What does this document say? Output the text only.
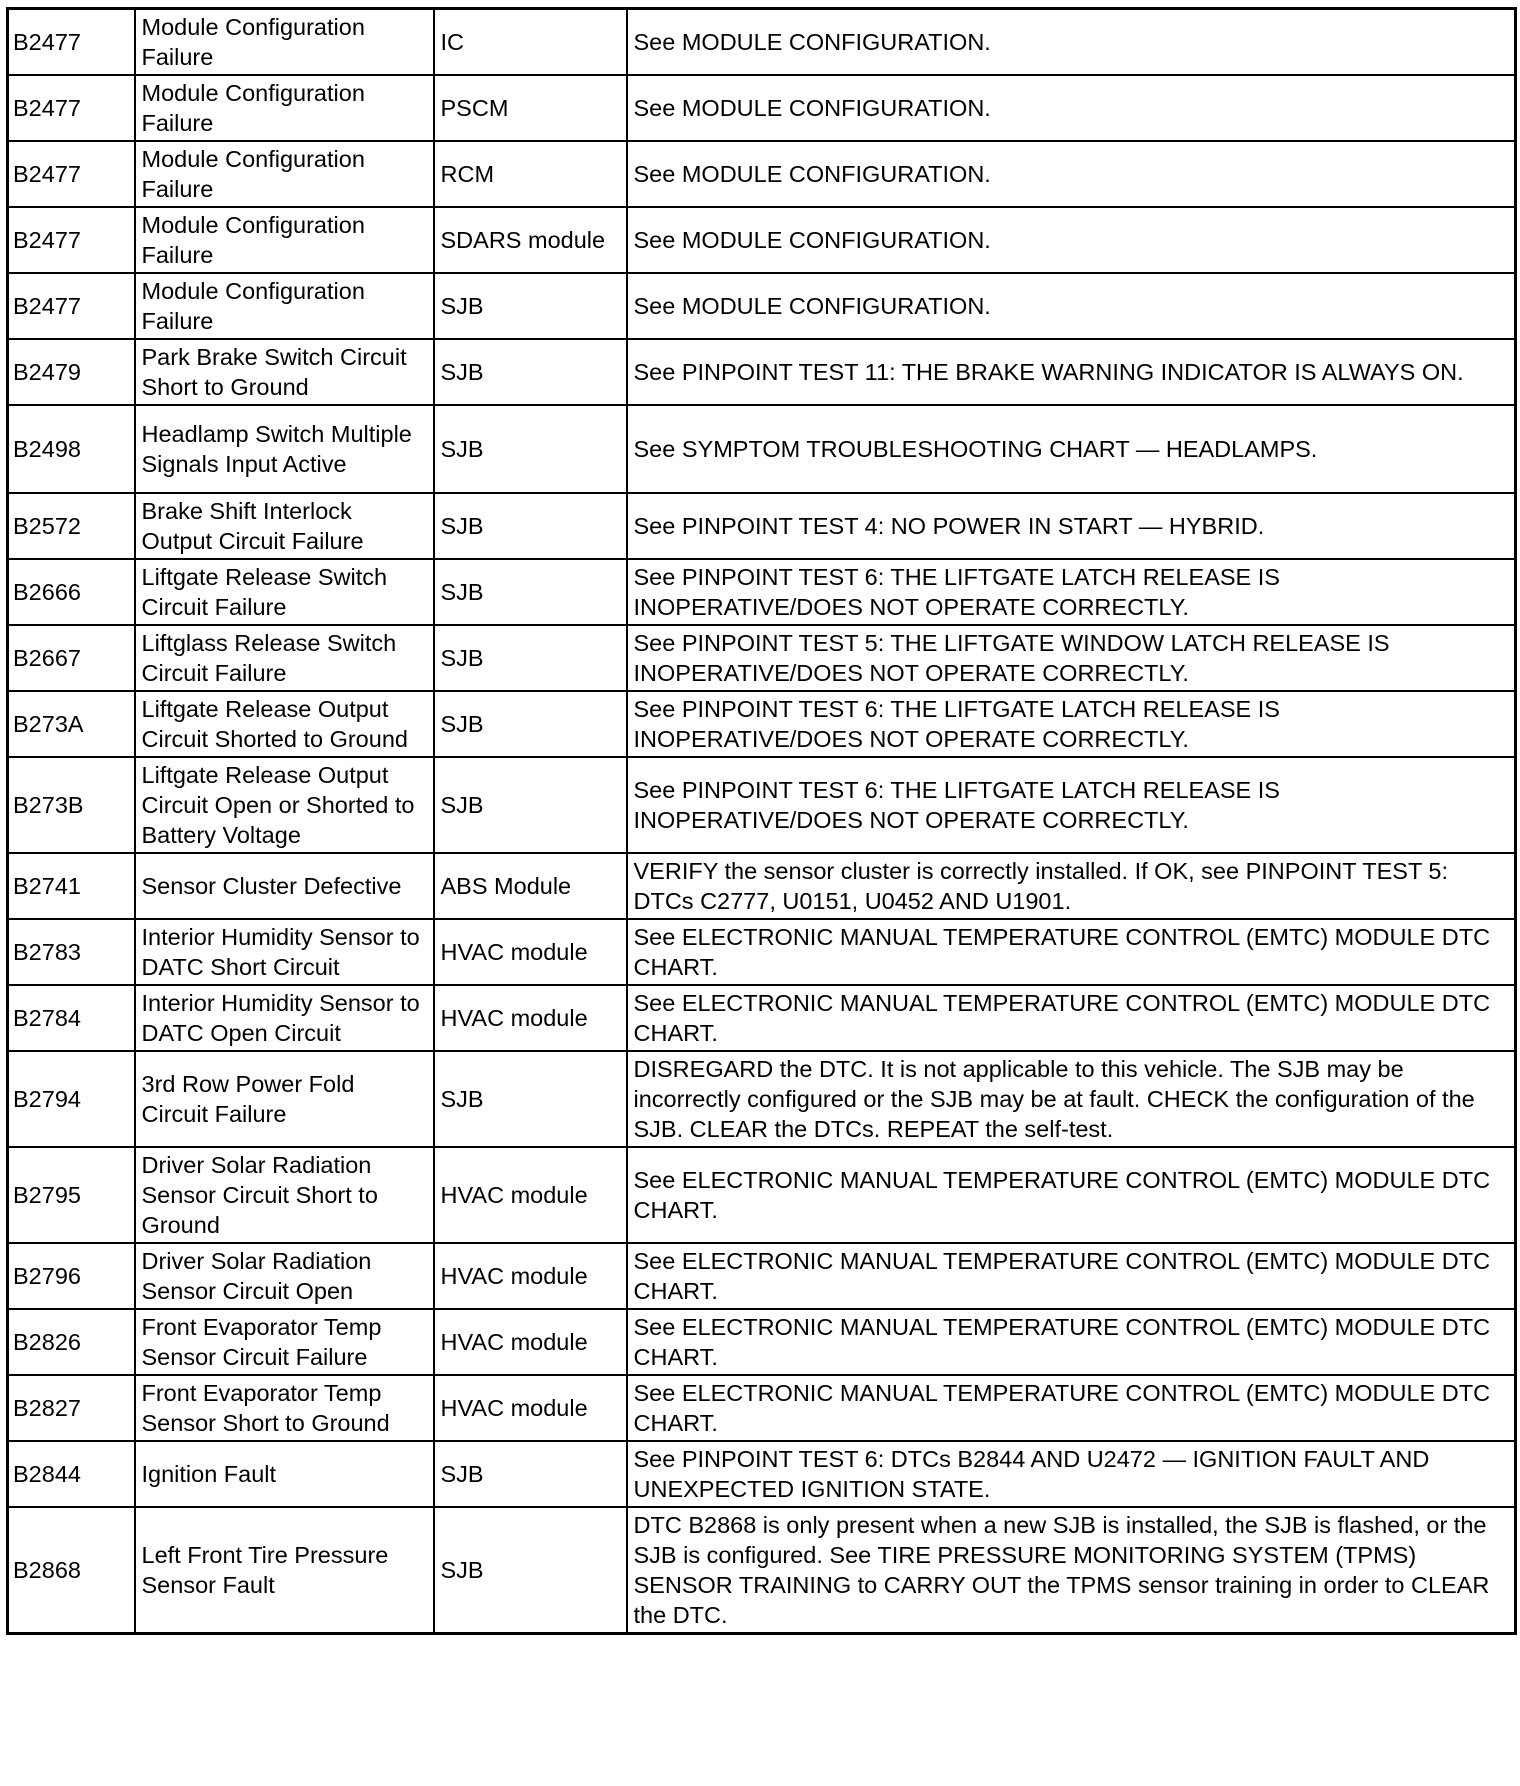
B2477	Module Configuration Failure	IC	See MODULE CONFIGURATION.
B2477	Module Configuration Failure	PSCM	See MODULE CONFIGURATION.
B2477	Module Configuration Failure	RCM	See MODULE CONFIGURATION.
B2477	Module Configuration Failure	SDARS module	See MODULE CONFIGURATION.
B2477	Module Configuration Failure	SJB	See MODULE CONFIGURATION.
B2479	Park Brake Switch Circuit Short to Ground	SJB	See PINPOINT TEST 11: THE BRAKE WARNING INDICATOR IS ALWAYS ON.
B2498	Headlamp Switch Multiple Signals Input Active	SJB	See SYMPTOM TROUBLESHOOTING CHART — HEADLAMPS.
B2572	Brake Shift Interlock Output Circuit Failure	SJB	See PINPOINT TEST 4: NO POWER IN START — HYBRID.
B2666	Liftgate Release Switch Circuit Failure	SJB	See PINPOINT TEST 6: THE LIFTGATE LATCH RELEASE IS INOPERATIVE/DOES NOT OPERATE CORRECTLY.
B2667	Liftglass Release Switch Circuit Failure	SJB	See PINPOINT TEST 5: THE LIFTGATE WINDOW LATCH RELEASE IS INOPERATIVE/DOES NOT OPERATE CORRECTLY.
B273A	Liftgate Release Output Circuit Shorted to Ground	SJB	See PINPOINT TEST 6: THE LIFTGATE LATCH RELEASE IS INOPERATIVE/DOES NOT OPERATE CORRECTLY.
B273B	Liftgate Release Output Circuit Open or Shorted to Battery Voltage	SJB	See PINPOINT TEST 6: THE LIFTGATE LATCH RELEASE IS INOPERATIVE/DOES NOT OPERATE CORRECTLY.
B2741	Sensor Cluster Defective	ABS Module	VERIFY the sensor cluster is correctly installed. If OK, see PINPOINT TEST 5: DTCs C2777, U0151, U0452 AND U1901.
B2783	Interior Humidity Sensor to DATC Short Circuit	HVAC module	See ELECTRONIC MANUAL TEMPERATURE CONTROL (EMTC) MODULE DTC CHART.
B2784	Interior Humidity Sensor to DATC Open Circuit	HVAC module	See ELECTRONIC MANUAL TEMPERATURE CONTROL (EMTC) MODULE DTC CHART.
B2794	3rd Row Power Fold Circuit Failure	SJB	DISREGARD the DTC. It is not applicable to this vehicle. The SJB may be incorrectly configured or the SJB may be at fault. CHECK the configuration of the SJB. CLEAR the DTCs. REPEAT the self-test.
B2795	Driver Solar Radiation Sensor Circuit Short to Ground	HVAC module	See ELECTRONIC MANUAL TEMPERATURE CONTROL (EMTC) MODULE DTC CHART.
B2796	Driver Solar Radiation Sensor Circuit Open	HVAC module	See ELECTRONIC MANUAL TEMPERATURE CONTROL (EMTC) MODULE DTC CHART.
B2826	Front Evaporator Temp Sensor Circuit Failure	HVAC module	See ELECTRONIC MANUAL TEMPERATURE CONTROL (EMTC) MODULE DTC CHART.
B2827	Front Evaporator Temp Sensor Short to Ground	HVAC module	See ELECTRONIC MANUAL TEMPERATURE CONTROL (EMTC) MODULE DTC CHART.
B2844	Ignition Fault	SJB	See PINPOINT TEST 6: DTCs B2844 AND U2472 — IGNITION FAULT AND UNEXPECTED IGNITION STATE.
B2868	Left Front Tire Pressure Sensor Fault	SJB	DTC B2868 is only present when a new SJB is installed, the SJB is flashed, or the SJB is configured. See TIRE PRESSURE MONITORING SYSTEM (TPMS) SENSOR TRAINING to CARRY OUT the TPMS sensor training in order to CLEAR the DTC.
